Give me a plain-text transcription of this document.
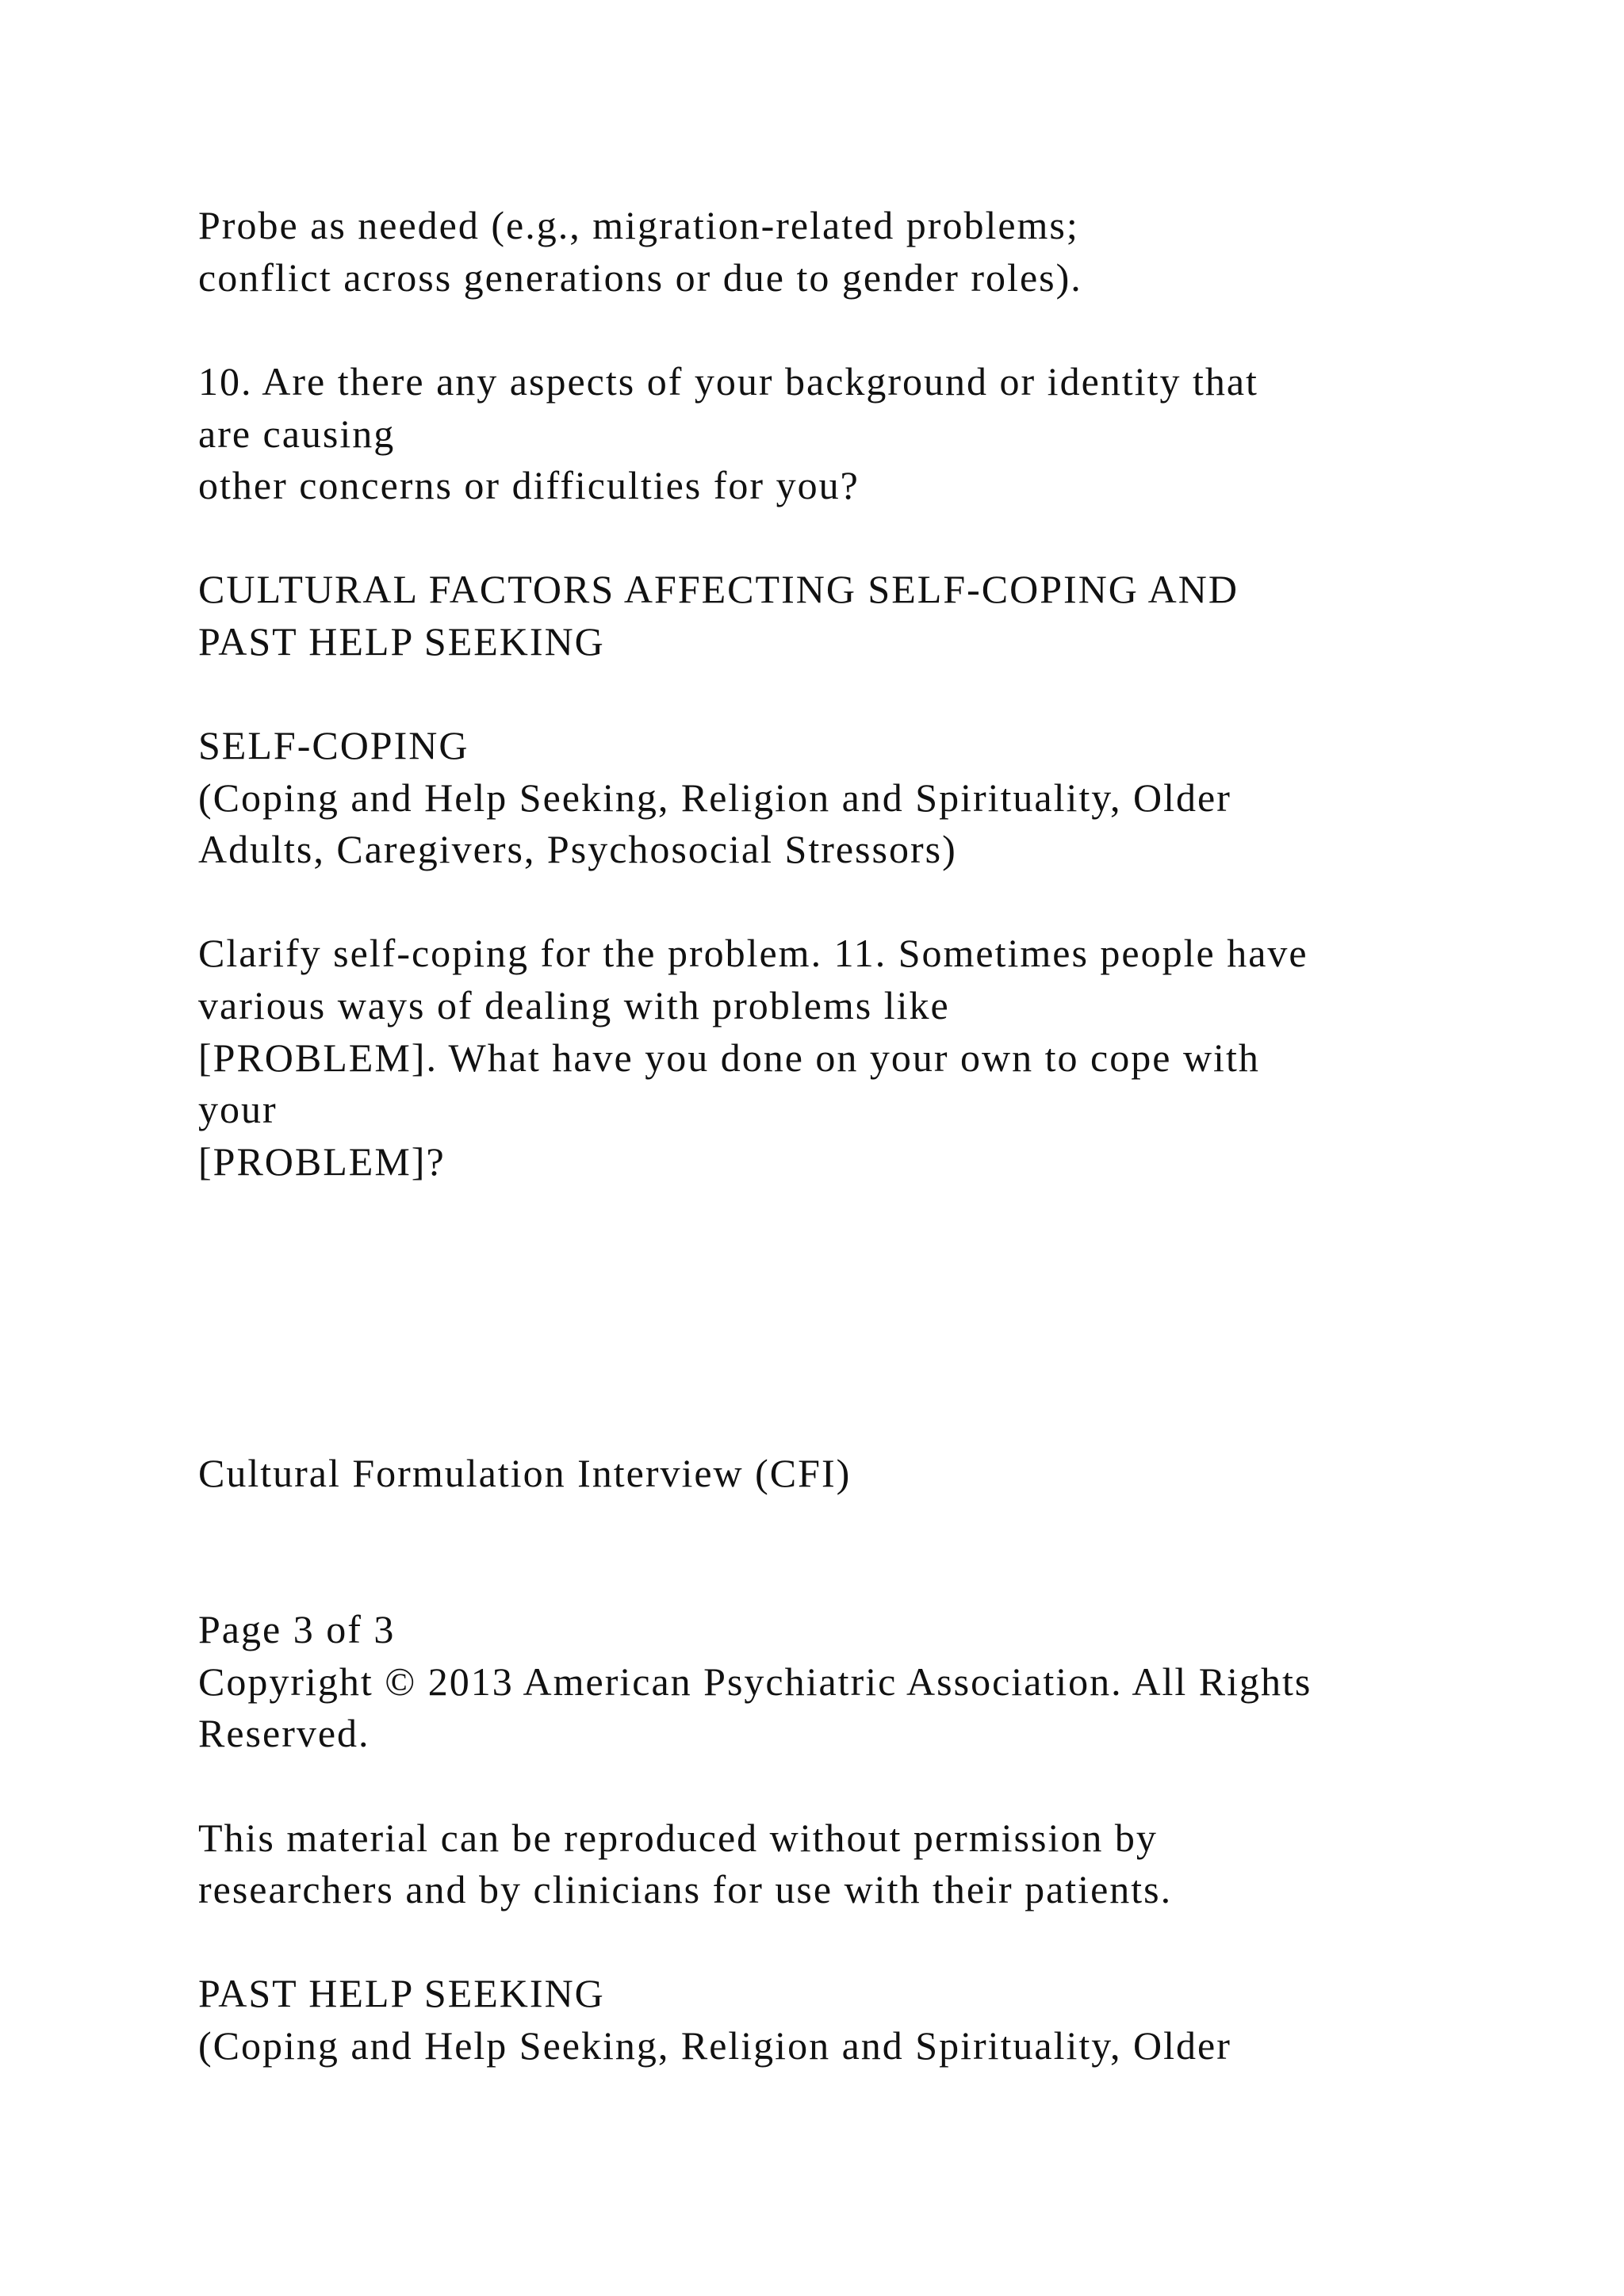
Probe as needed (e.g., migration-related problems;
conflict across generations or due to gender roles).
10. Are there any aspects of your background or identity that
are causing
other concerns or difficulties for you?
CULTURAL FACTORS AFFECTING SELF-COPING AND
PAST HELP SEEKING
SELF-COPING
(Coping and Help Seeking, Religion and Spirituality, Older
Adults, Caregivers, Psychosocial Stressors)
Clarify self-coping for the problem. 11. Sometimes people have
various ways of dealing with problems like
[PROBLEM]. What have you done on your own to cope with
your
[PROBLEM]?
Cultural Formulation Interview (CFI)
Page 3 of 3
Copyright © 2013 American Psychiatric Association. All Rights
Reserved.
This material can be reproduced without permission by
researchers and by clinicians for use with their patients.
PAST HELP SEEKING
(Coping and Help Seeking, Religion and Spirituality, Older
